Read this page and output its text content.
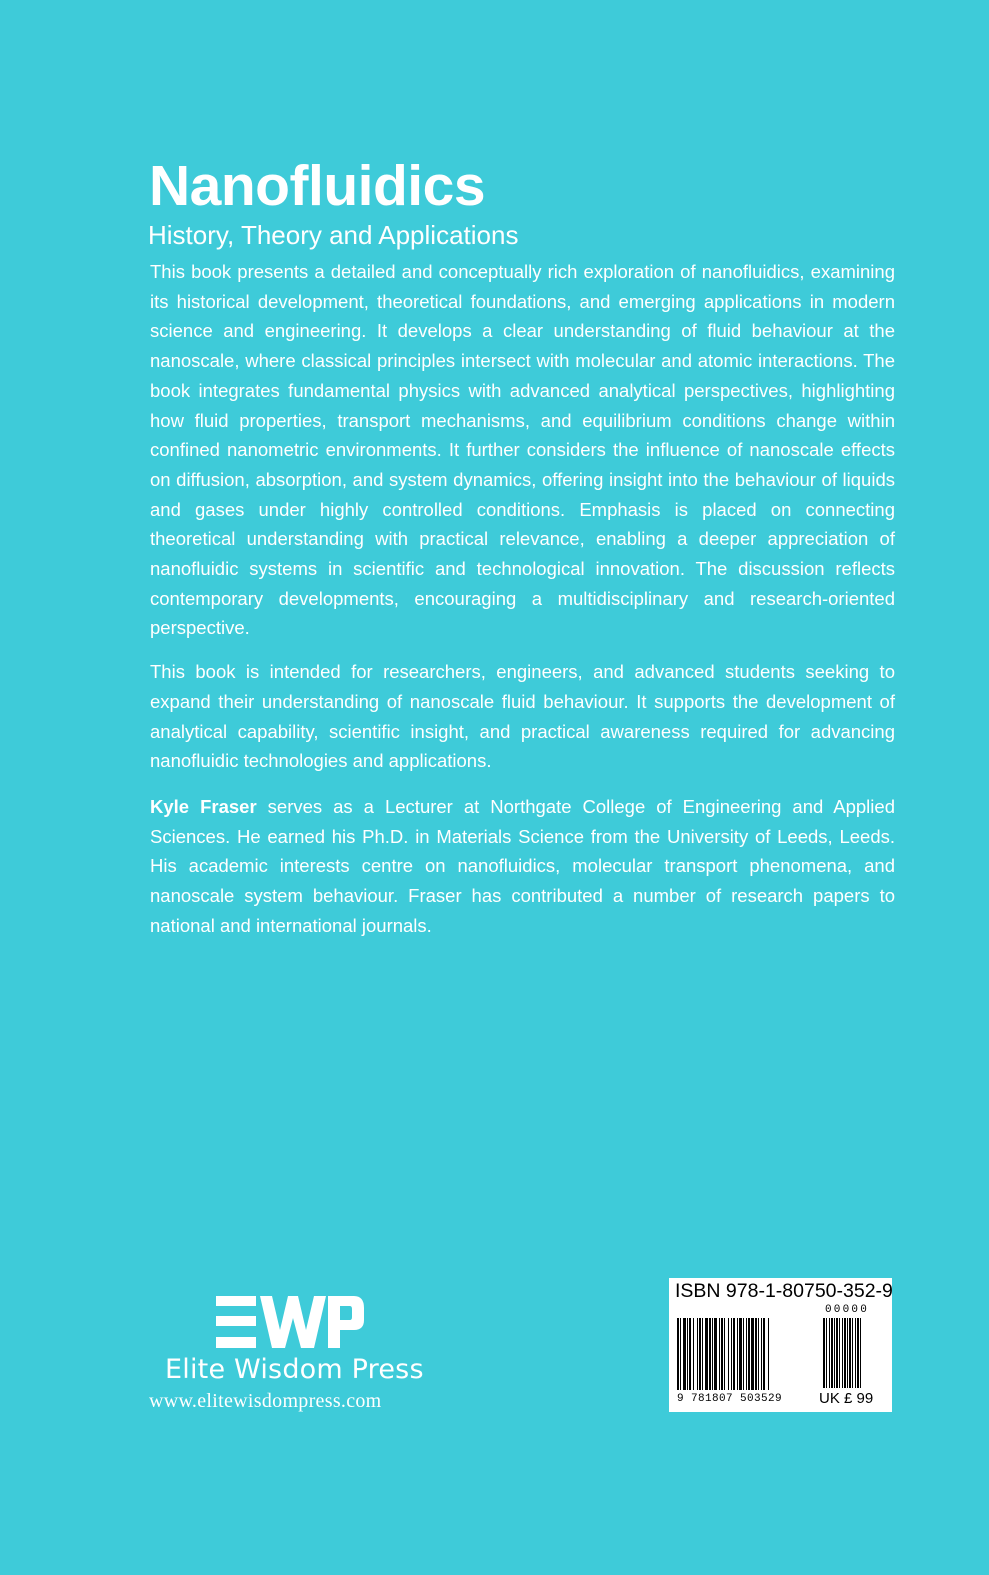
Nanofluidics
History, Theory and Applications

This book presents a detailed and conceptually rich exploration of nanofluidics, examining its historical development, theoretical foundations, and emerging applications in modern science and engineering. It develops a clear understanding of fluid behaviour at the nanoscale, where classical principles intersect with molecular and atomic interactions. The book integrates fundamental physics with advanced analytical perspectives, highlighting how fluid properties, transport mechanisms, and equilibrium conditions change within confined nanometric environments. It further considers the influence of nanoscale effects on diffusion, absorption, and system dynamics, offering insight into the behaviour of liquids and gases under highly controlled conditions. Emphasis is placed on connecting theoretical understanding with practical relevance, enabling a deeper appreciation of nanofluidic systems in scientific and technological innovation. The discussion reflects contemporary developments, encouraging a multidisciplinary and research-oriented perspective.

This book is intended for researchers, engineers, and advanced students seeking to expand their understanding of nanoscale fluid behaviour. It supports the development of analytical capability, scientific insight, and practical awareness required for advancing nanofluidic technologies and applications.

Kyle Fraser serves as a Lecturer at Northgate College of Engineering and Applied Sciences. He earned his Ph.D. in Materials Science from the University of Leeds, Leeds. His academic interests centre on nanofluidics, molecular transport phenomena, and nanoscale system behaviour. Fraser has contributed a number of research papers to national and international journals.

Elite Wisdom Press
www.elitewisdompress.com
ISBN 978-1-80750-352-9
00000
9 781807 503529 UK £ 99
